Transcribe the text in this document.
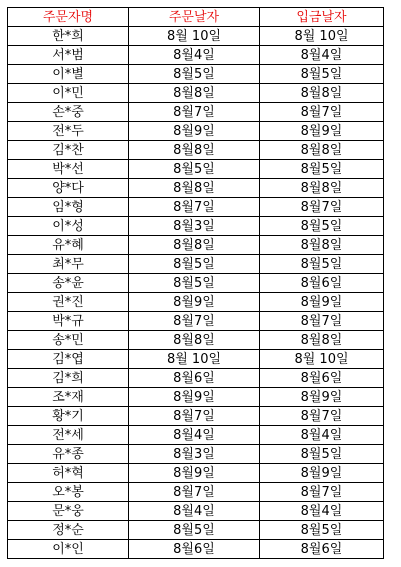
주문자명	주문날자	입금날자
한*희	8월 10일	8월 10일
서*범	8월4일	8월4일
이*별	8월5일	8월5일
이*민	8월8일	8월8일
손*중	8월7일	8월7일
전*두	8월9일	8월9일
김*찬	8월8일	8월8일
박*선	8월5일	8월5일
양*다	8월8일	8월8일
임*형	8월7일	8월7일
이*성	8월3일	8월5일
유*혜	8월8일	8월8일
최*무	8월5일	8월5일
송*윤	8월5일	8월6일
권*진	8월9일	8월9일
박*규	8월7일	8월7일
송*민	8월8일	8월8일
김*엽	8월 10일	8월 10일
김*희	8월6일	8월6일
조*재	8월9일	8월9일
황*기	8월7일	8월7일
전*세	8월4일	8월4일
유*종	8월3일	8월5일
허*혁	8월9일	8월9일
오*봉	8월7일	8월7일
문*웅	8월4일	8월4일
정*순	8월5일	8월5일
이*인	8월6일	8월6일
